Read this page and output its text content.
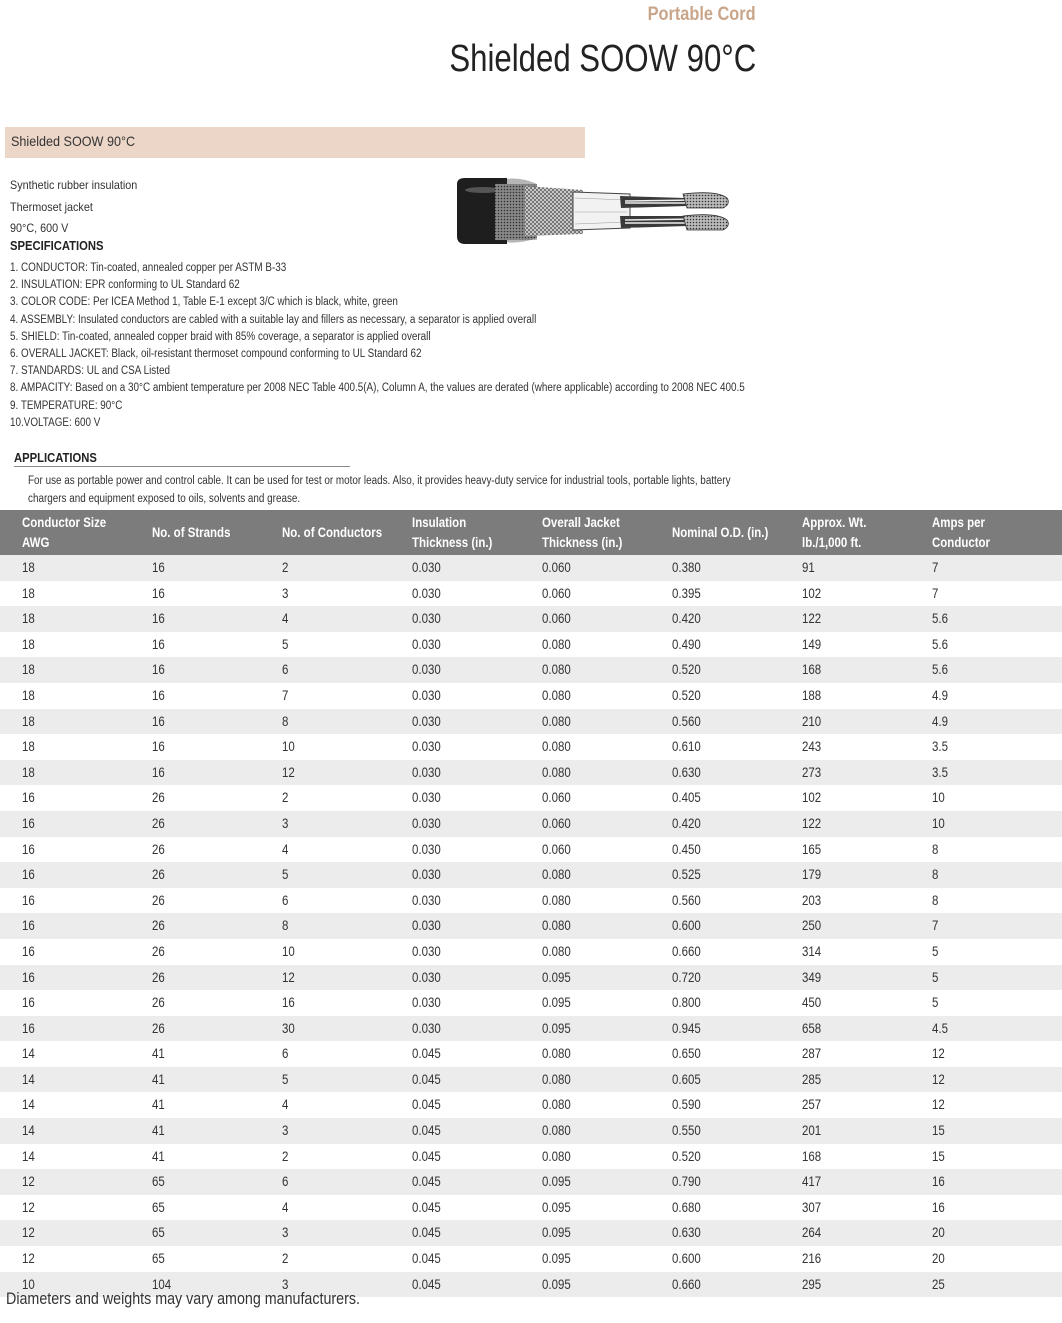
Portable Cord
Shielded SOOW 90°C
Shielded SOOW 90°C
Synthetic rubber insulation
Thermoset jacket
90°C, 600 V
SPECIFICATIONS
1. CONDUCTOR: Tin-coated, annealed copper per ASTM B-33
2. INSULATION: EPR conforming to UL Standard 62
3. COLOR CODE: Per ICEA Method 1, Table E-1 except 3/C which is black, white, green
4. ASSEMBLY: Insulated conductors are cabled with a suitable lay and fillers as necessary, a separator is applied overall
5. SHIELD: Tin-coated, annealed copper braid with 85% coverage, a separator is applied overall
6. OVERALL JACKET: Black, oil-resistant thermoset compound conforming to UL Standard 62
7. STANDARDS: UL and CSA Listed
8. AMPACITY: Based on a 30°C ambient temperature per 2008 NEC Table 400.5(A), Column A, the values are derated (where applicable) according to 2008 NEC 400.5
9. TEMPERATURE: 90°C
10.VOLTAGE: 600 V
APPLICATIONS
For use as portable power and control cable. It can be used for test or motor leads. Also, it provides heavy-duty service for industrial tools, portable lights, battery chargers and equipment exposed to oils, solvents and grease.
Conductor Size AWG	No. of Strands	No. of Conductors	Insulation Thickness (in.)	Overall Jacket Thickness (in.)	Nominal O.D. (in.)	Approx. Wt. lb./1,000 ft.	Amps per Conductor
18	16	2	0.030	0.060	0.380	91	7
18	16	3	0.030	0.060	0.395	102	7
18	16	4	0.030	0.060	0.420	122	5.6
18	16	5	0.030	0.080	0.490	149	5.6
18	16	6	0.030	0.080	0.520	168	5.6
18	16	7	0.030	0.080	0.520	188	4.9
18	16	8	0.030	0.080	0.560	210	4.9
18	16	10	0.030	0.080	0.610	243	3.5
18	16	12	0.030	0.080	0.630	273	3.5
16	26	2	0.030	0.060	0.405	102	10
16	26	3	0.030	0.060	0.420	122	10
16	26	4	0.030	0.060	0.450	165	8
16	26	5	0.030	0.080	0.525	179	8
16	26	6	0.030	0.080	0.560	203	8
16	26	8	0.030	0.080	0.600	250	7
16	26	10	0.030	0.080	0.660	314	5
16	26	12	0.030	0.095	0.720	349	5
16	26	16	0.030	0.095	0.800	450	5
16	26	30	0.030	0.095	0.945	658	4.5
14	41	6	0.045	0.080	0.650	287	12
14	41	5	0.045	0.080	0.605	285	12
14	41	4	0.045	0.080	0.590	257	12
14	41	3	0.045	0.080	0.550	201	15
14	41	2	0.045	0.080	0.520	168	15
12	65	6	0.045	0.095	0.790	417	16
12	65	4	0.045	0.095	0.680	307	16
12	65	3	0.045	0.095	0.630	264	20
12	65	2	0.045	0.095	0.600	216	20
10	104	3	0.045	0.095	0.660	295	25
Diameters and weights may vary among manufacturers.
